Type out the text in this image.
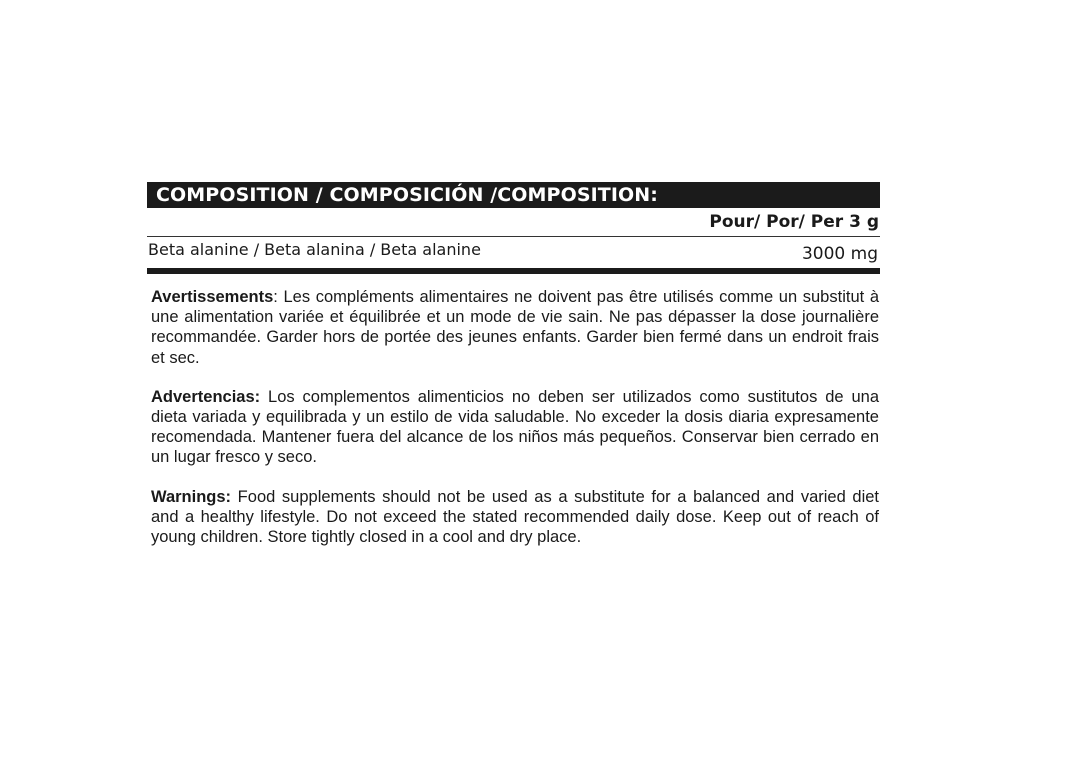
COMPOSITION / COMPOSICIÓN /COMPOSITION:
Pour/ Por/ Per 3 g
Beta alanine / Beta alanina / Beta alanine	3000 mg

Avertissements: Les compléments alimentaires ne doivent pas être utilisés comme un substitut à une alimentation variée et équilibrée et un mode de vie sain. Ne pas dépasser la dose journalière recommandée. Garder hors de portée des jeunes enfants. Garder bien fermé dans un endroit frais et sec.

Advertencias: Los complementos alimenticios no deben ser utilizados como sustitutos de una dieta variada y equilibrada y un estilo de vida saludable. No exceder la dosis diaria expresamente recomendada. Mantener fuera del alcance de los niños más pequeños. Conservar bien cerrado en un lugar fresco y seco.

Warnings: Food supplements should not be used as a substitute for a balanced and varied diet and a healthy lifestyle. Do not exceed the stated recommended daily dose. Keep out of reach of young children. Store tightly closed in a cool and dry place.
